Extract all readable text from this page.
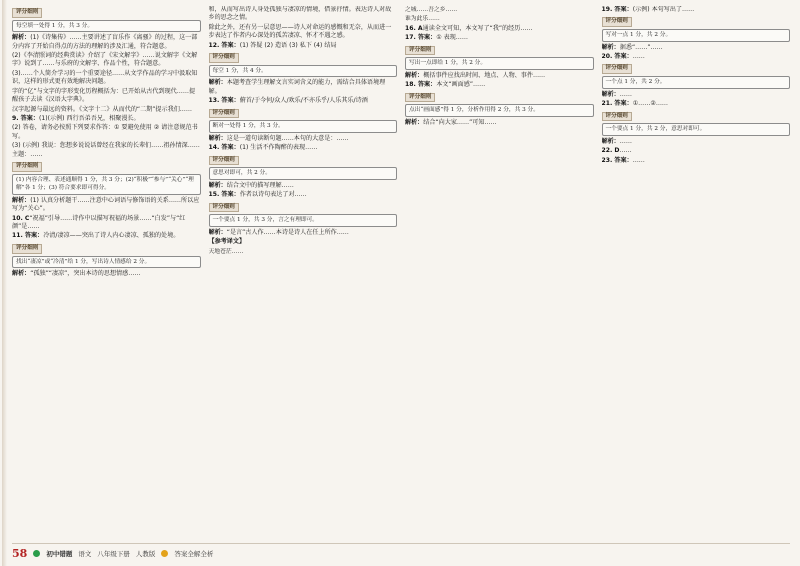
评分细则
每空填一处得 1 分，共 3 分。

解析：(1)《诗集传》……主要讲述了盲乐作《离骚》的过程，这一部分内容了开始自得点的方法的理解的涉及汇通，符合题意。

(2)《李清照词的经典赏读》介绍了《宋文解字》……说文解字《文解字》说到了……与乐府的文解字、作品个性，符合题意。

(3)……个人简介学习的一个重要途径……从文学作品的学习中汲取知识，这样的形式更有效地解决问题。

字的“亿”与文字的字形变化历程概括为：已开始从古代到现代……提醒孩子去读《汉语大字典》。

汉字起源与最远的资料。《文字十二》从而代的“二期”提示我们……

9. 答案：(1)(示例) 西行吾弟吾兄，相聚漫长。

(2) 答卷，请务必按照下列要求作答：① 要避免使用 ② 请注意规范书写。

(3) (示例) 我说：您想多说说话曾经在我家的长辈们……祖孙情深……主题：……

评分细则
(1) 内容合理、表述通顺得 1 分，共 3 分；(2)“积极”“参与”“关心”“理解”各 1 分；(3) 符合要求即可得分。

解析：(1) 认真分析题干……注意中心词语与修饰语的关系……所以应写为“关心”。

10. C“祝福”引导……诗作中以描写祝福的场景……“白发”与“红颜”是……

11. 答案：冷清/凄凉——突出了诗人内心凄凉、孤独的处境。

评分细则
找出“凄凉”或“冷清”给 1 分，写出诗人情感给 2 分。

解析：“孤独”“凄凉”，突出本诗的思想情感……

和，从而写出诗人身处孤独与凄凉的情境，借景抒情。表达诗人对故乡的思念之情。

除此之外，还有另一层意思——诗人对命运的感慨和无奈，从而进一步表达了作者内心深处的孤苦凄凉、怀才不遇之感。

12. 答案：(1) 答疑 (2) 造语 (3) 私下 (4) 结局

评分细则
每空 1 分，共 4 分。

解析：本题考查学生理解文言实词含义的能力，需结合具体语境理解。

13. 答案：俯首/于今何/众人/欢乐/不亦乐乎/人乐其乐/诗酒

评分细则
断对一处得 1 分，共 3 分。

解析：这是一道句读断句题……本句的大意是：……

14. 答案：(1) 生活不作陶醉的表现……

评分细则
意思对即可，共 2 分。

解析：结合文中的描写理解……

15. 答案：作者以诗句表达了对……

评分细则
一个要点 1 分，共 3 分，言之有理即可。

解析：“是言”古人作……本诗是诗人在任上所作……

【参考译文】

天地苍茫……

之城……吾之乡……

谁为此乐……

16. A通读全文可知，本文写了“我”的经历……

17. 答案：① 表现……

评分细则
写出一点即给 1 分，共 2 分。

解析：概括事件应找出时间、地点、人物、事件……

18. 答案：本文“画面感”……

评分细则
点出“画面感”得 1 分，分析作用得 2 分，共 3 分。

解析：结合“向大家……”可知……

19. 答案：(示例) 本句写出了……

评分细则
写对一点 1 分，共 2 分。

解析：据悉“……”……

20. 答案：……

评分细则
一个点 1 分，共 2 分。

解析：……

21. 答案：①……②……

评分细则
一个要点 1 分，共 2 分，意思对即可。

解析：……

22. D……

23. 答案：……

58	初中错题 语文 八年级下册 人教版	答案全解全析
